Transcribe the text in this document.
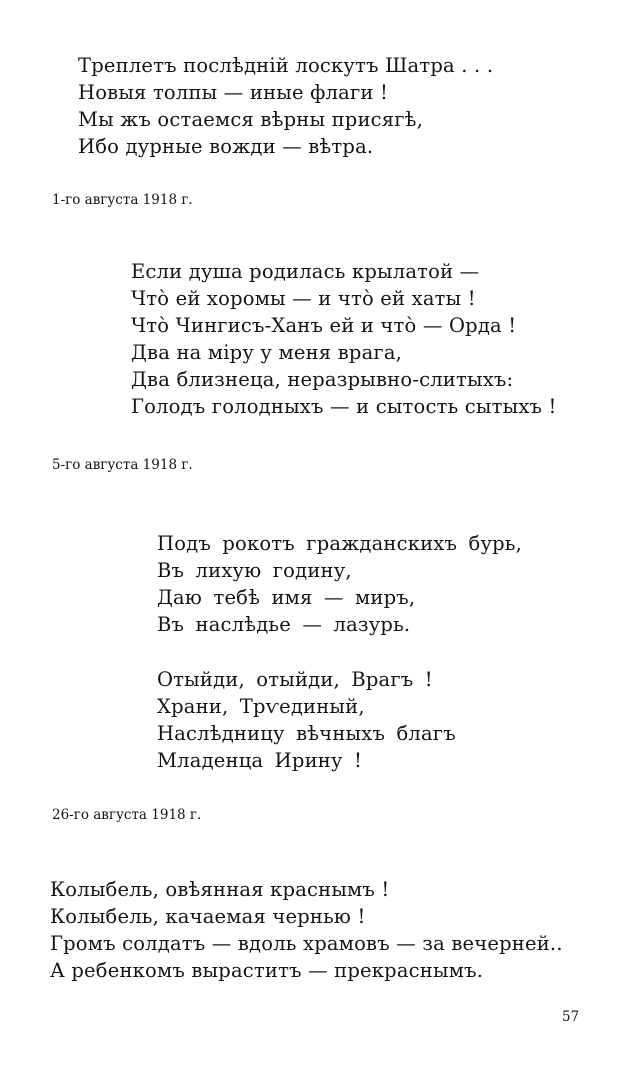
Треплетъ послѣднiй лоскутъ Шатра . . .
Новыя толпы — иные флаги !
Мы жъ остаемся вѣрны присягѣ,
Ибо дурные вожди — вѣтра.
1-го августа 1918 г.
Если душа родилась крылатой —
Чтò ей хоромы — и чтò ей хаты !
Чтò Чингисъ-Ханъ ей и чтò — Орда !
Два на мiру у меня врага,
Два близнеца, неразрывно-слитыхъ:
Голодъ голодныхъ — и сытость сытыхъ !
5-го августа 1918 г.
Подъ рокотъ гражданскихъ бурь,
Въ лихую годину,
Даю тебѣ имя — миръ,
Въ наслѣдье — лазурь.
Отыйди, отыйди, Врагъ !
Храни, Трѵединый,
Наслѣдницу вѣчныхъ благъ
Младенца Ирину !
26-го августа 1918 г.
Колыбель, овѣянная краснымъ !
Колыбель, качаемая чернью !
Громъ солдатъ — вдоль храмовъ — за вечерней..
А ребенкомъ выраститъ — прекраснымъ.
57
